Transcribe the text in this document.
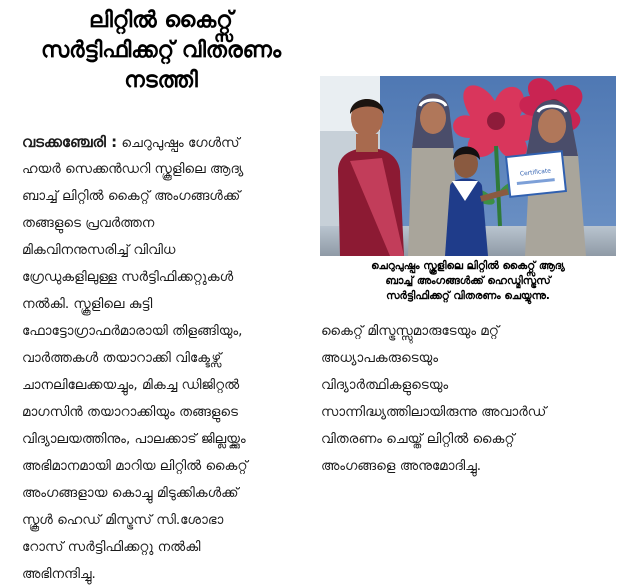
ലിറ്റിൽ കൈറ്റ്സ്
സർട്ടിഫിക്കറ്റ് വിതരണം
നടത്തി
വടക്കഞ്ചേരി : ചെറുപുഷ്പം ഗേൾസ്
ഹയർ സെക്കൻഡറി സ്കൂളിലെ ആദ്യ
ബാച്ച് ലിറ്റിൽ കൈറ്റ് അംഗങ്ങൾക്ക്
തങ്ങളുടെ പ്രവർത്തന
മികവിനനുസരിച്ച് വിവിധ
ഗ്രേഡുകളിലുള്ള സർട്ടിഫിക്കറ്റുകൾ
നൽകി. സ്കൂളിലെ കുട്ടി
ഫോട്ടോഗ്രാഫർമാരായി തിളങ്ങിയും,
വാർത്തകൾ തയാറാക്കി വിക്ടേഴ്സ്
ചാനലിലേക്കയച്ചും, മികച്ച ഡിജിറ്റൽ
മാഗസിൻ തയാറാക്കിയും തങ്ങളുടെ
വിദ്യാലയത്തിനും, പാലക്കാട് ജില്ലയ്ക്കും
അഭിമാനമായി മാറിയ ലിറ്റിൽ കൈറ്റ്
അംഗങ്ങളായ കൊച്ചു മിടുക്കികൾക്ക്
സ്കൂൾ ഹെഡ് മിസ്ട്രസ് സി.ശോഭാ
റോസ് സർട്ടിഫിക്കറ്റു നൽകി
അഭിനന്ദിച്ചു.
Certificate
ചെറുപുഷ്പം സ്കൂളിലെ ലിറ്റിൽ കൈറ്റ്സ് ആദ്യ
ബാച്ച് അംഗങ്ങൾക്ക് ഹെഡ്മിസ്ട്രസ്
സർട്ടിഫിക്കറ്റ് വിതരണം ചെയ്യുന്നു.
കൈറ്റ് മിസ്ട്രസ്സുമാരുടേയും മറ്റ്
അധ്യാപകരുടെയും
വിദ്യാർത്ഥികളുടെയും
സാന്നിദ്ധ്യത്തിലായിരുന്നു അവാർഡ്
വിതരണം ചെയ്ത് ലിറ്റിൽ കൈറ്റ്
അംഗങ്ങളെ അനുമോദിച്ചു.
